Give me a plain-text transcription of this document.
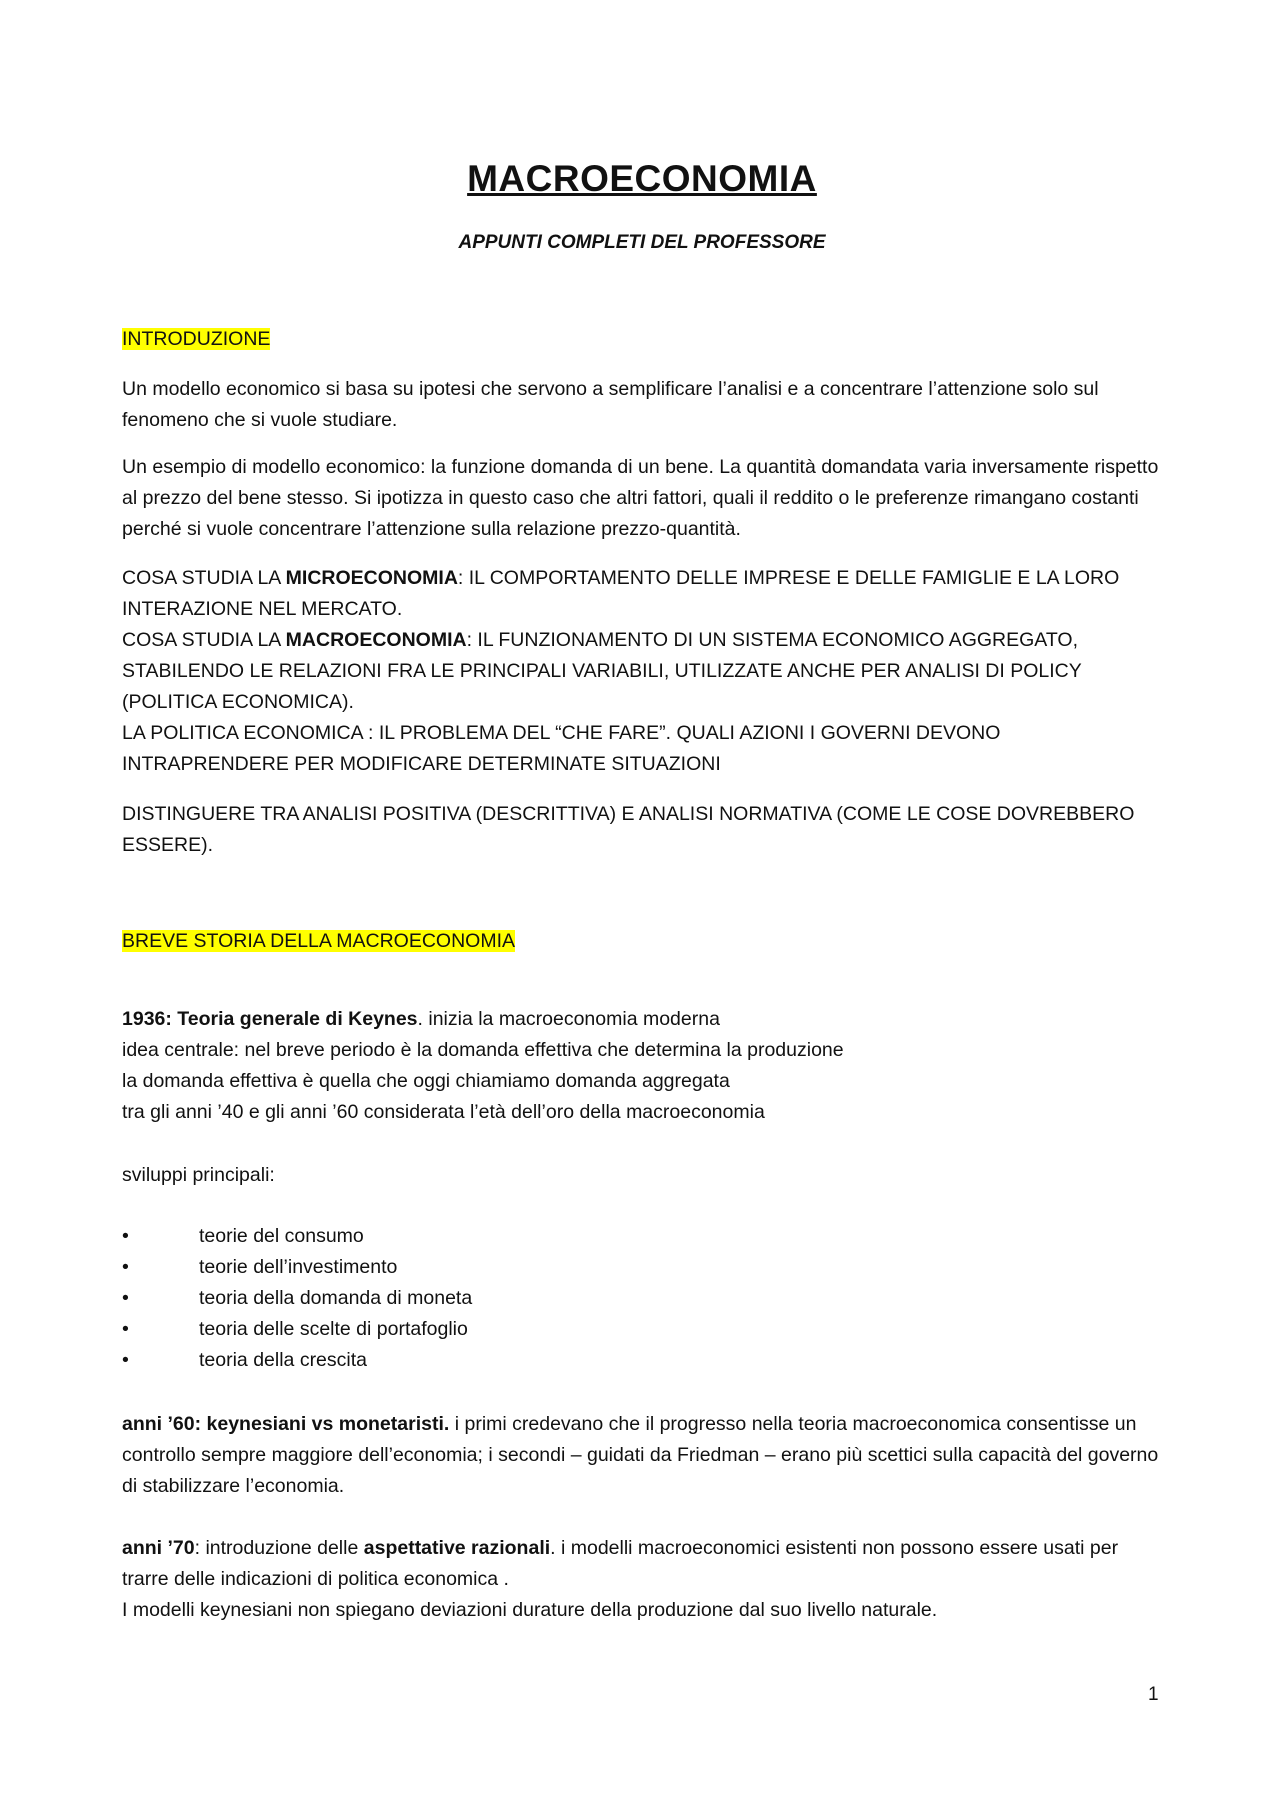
MACROECONOMIA
APPUNTI COMPLETI DEL PROFESSORE
INTRODUZIONE
Un modello economico si basa su ipotesi che servono a semplificare l’analisi e a concentrare l’attenzione solo sul fenomeno che si vuole studiare.
Un esempio di modello economico: la funzione domanda di un bene. La quantità domandata varia inversamente rispetto al prezzo del bene stesso. Si ipotizza in questo caso che altri fattori, quali il reddito o le preferenze rimangano costanti perché si vuole concentrare l’attenzione sulla relazione prezzo-quantità.

COSA STUDIA LA MICROECONOMIA: IL COMPORTAMENTO DELLE IMPRESE E DELLE FAMIGLIE E LA LORO INTERAZIONE NEL MERCATO.

COSA STUDIA LA MACROECONOMIA: IL FUNZIONAMENTO DI UN SISTEMA ECONOMICO AGGREGATO, STABILENDO LE RELAZIONI FRA LE PRINCIPALI VARIABILI, UTILIZZATE ANCHE PER ANALISI DI POLICY (POLITICA ECONOMICA).

LA POLITICA ECONOMICA : IL PROBLEMA DEL “CHE FARE”. QUALI AZIONI I GOVERNI DEVONO INTRAPRENDERE PER MODIFICARE DETERMINATE SITUAZIONI

DISTINGUERE TRA ANALISI POSITIVA (DESCRITTIVA) E ANALISI NORMATIVA (COME LE COSE DOVREBBERO ESSERE).
BREVE STORIA DELLA MACROECONOMIA

1936: Teoria generale di Keynes. inizia la macroeconomia moderna

idea centrale: nel breve periodo è la domanda effettiva che determina la produzione

la domanda effettiva è quella che oggi chiamiamo domanda aggregata

tra gli anni ’40 e gli anni ’60 considerata l’età dell’oro della macroeconomia

sviluppi principali:
•	teorie del consumo
•	teorie dell’investimento
•	teoria della domanda di moneta
•	teoria delle scelte di portafoglio
•	teoria della crescita
anni ’60: keynesiani vs monetaristi. i primi credevano che il progresso nella teoria macroeconomica consentisse un controllo sempre maggiore dell’economia; i secondi – guidati da Friedman – erano più scettici sulla capacità del governo di stabilizzare l’economia.

anni ’70: introduzione delle aspettative razionali. i modelli macroeconomici esistenti non possono essere usati per trarre delle indicazioni di politica economica .

I modelli keynesiani non spiegano deviazioni durature della produzione dal suo livello naturale.

1
